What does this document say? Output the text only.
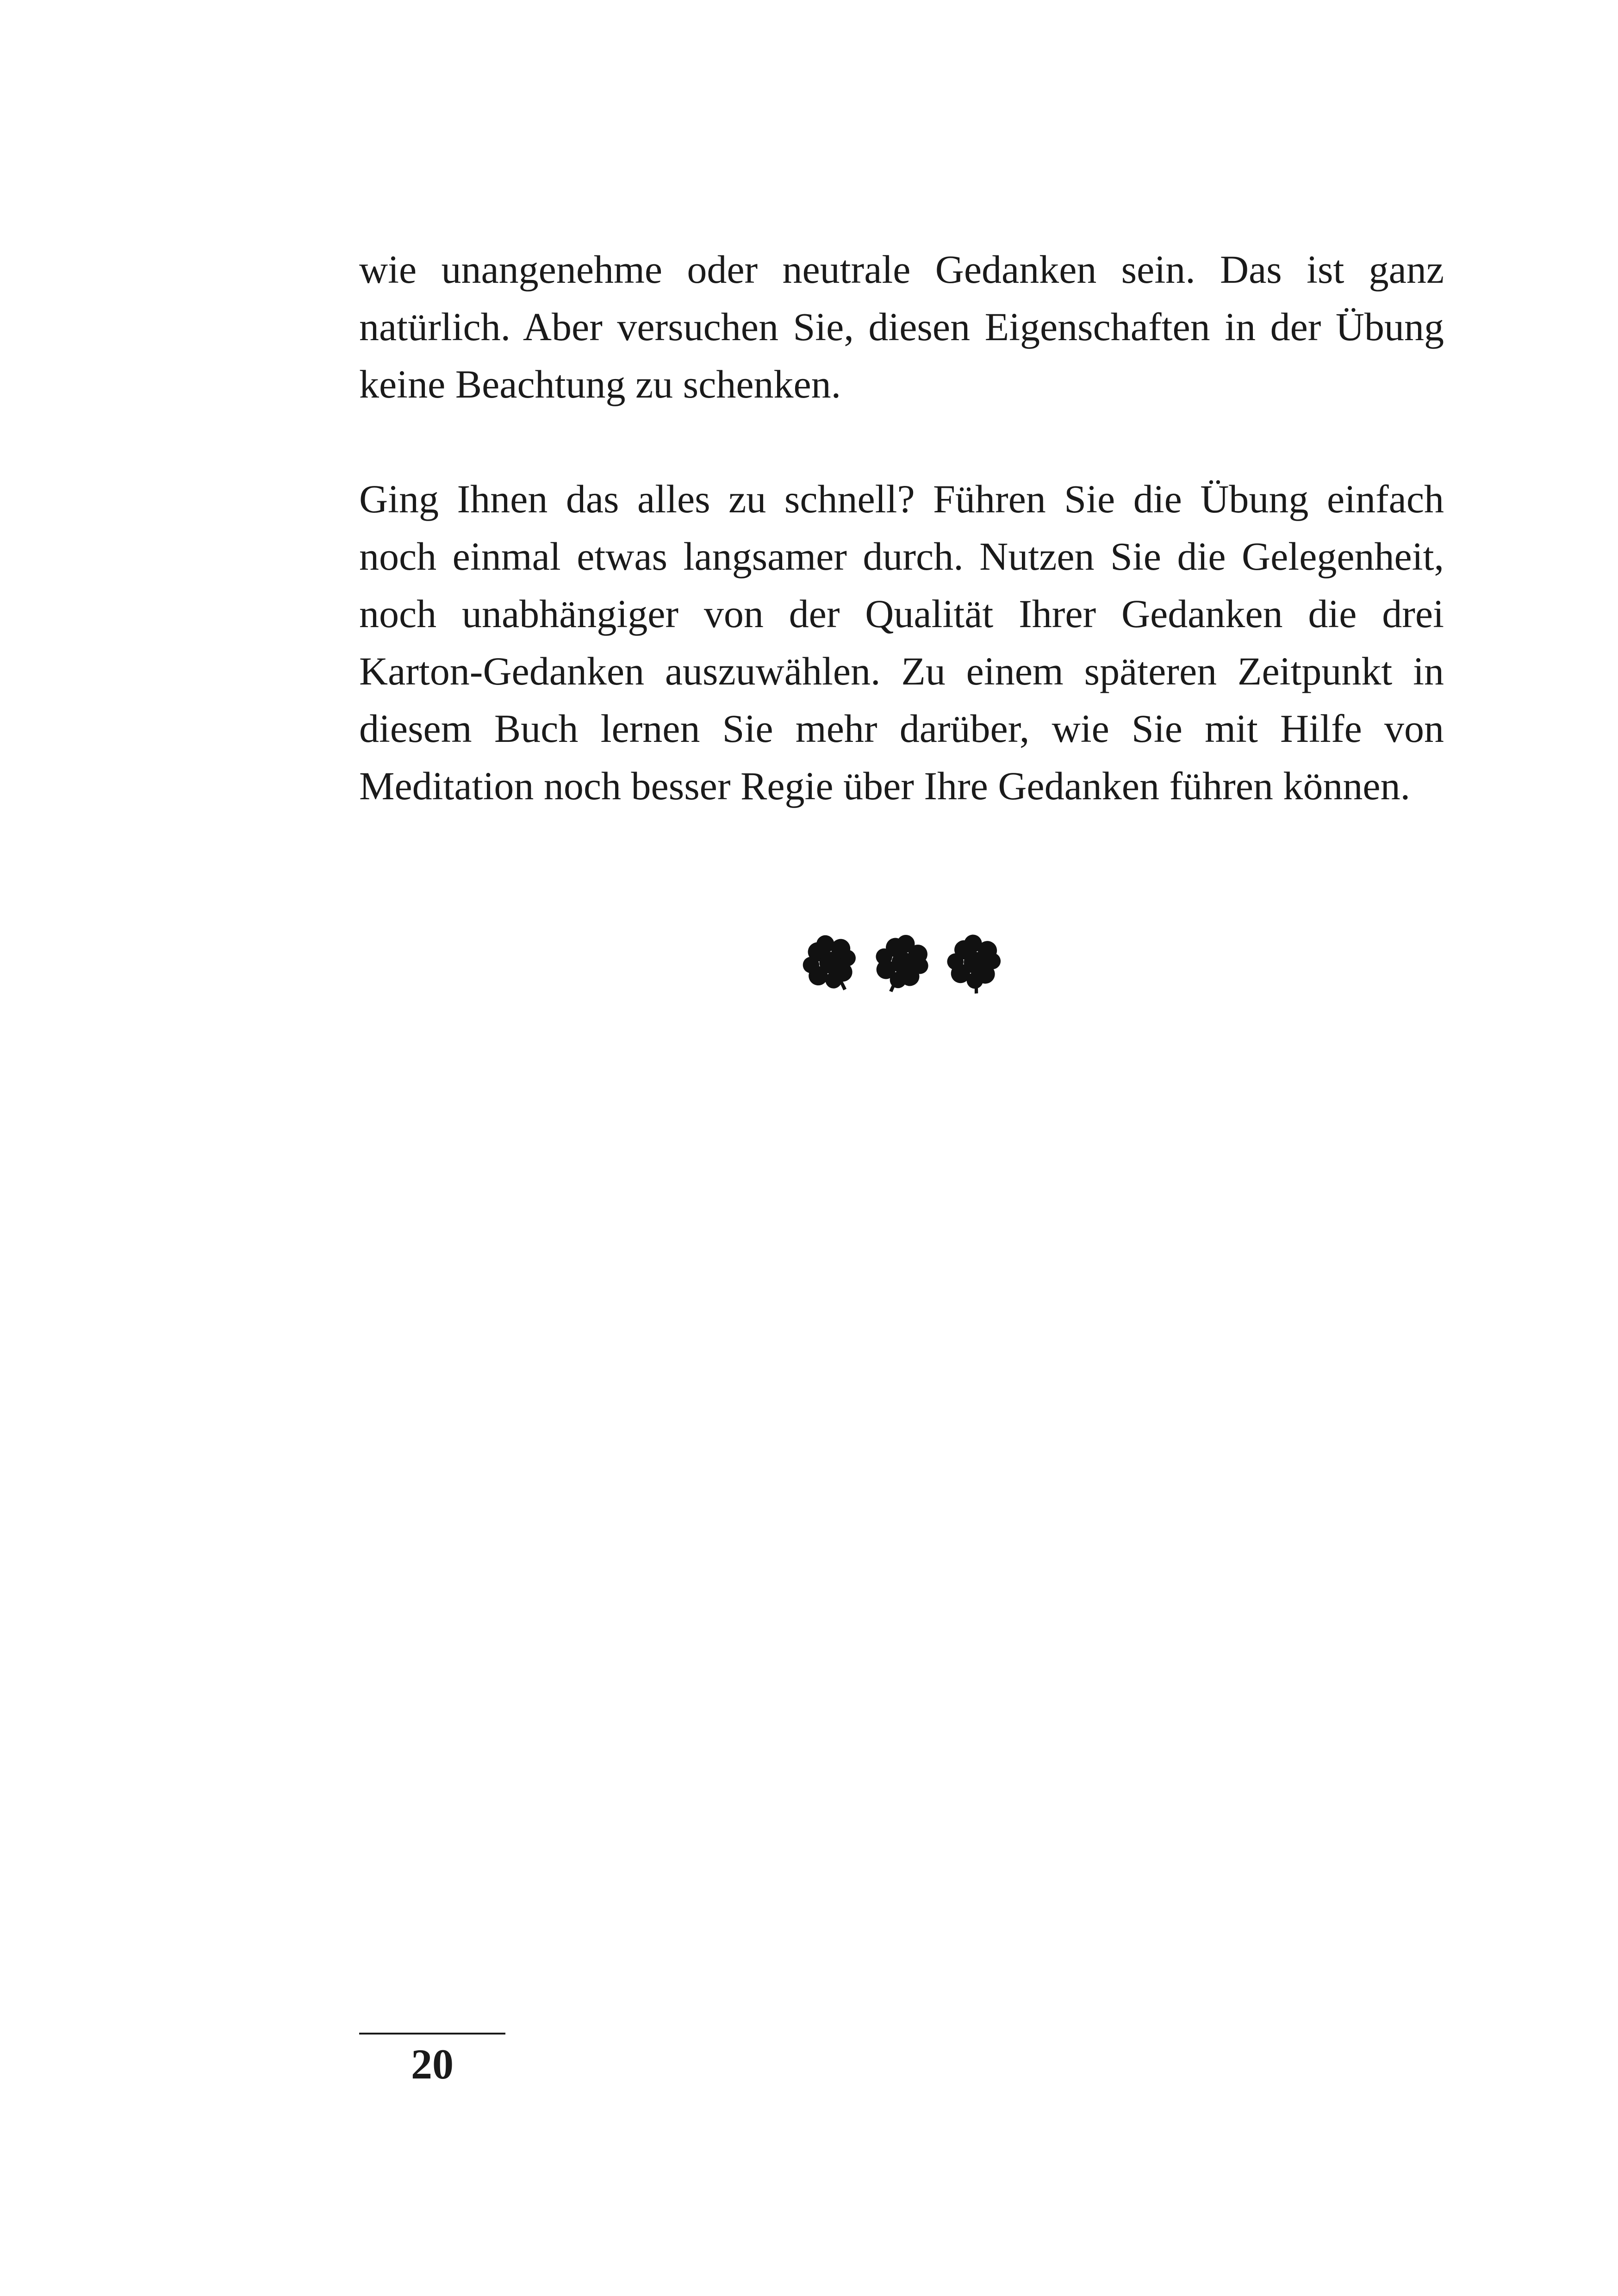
wie unangenehme oder neutrale Gedanken sein. Das ist ganz natürlich. Aber versuchen Sie, diesen Eigenschaften in der Übung keine Beachtung zu schenken.

Ging Ihnen das alles zu schnell? Führen Sie die Übung einfach noch einmal etwas langsamer durch. Nutzen Sie die Gelegenheit, noch unabhängiger von der Qualität Ihrer Gedanken die drei Karton-Gedanken auszuwählen. Zu einem späteren Zeitpunkt in diesem Buch lernen Sie mehr darüber, wie Sie mit Hilfe von Meditation noch besser Regie über Ihre Gedanken führen können.

20
